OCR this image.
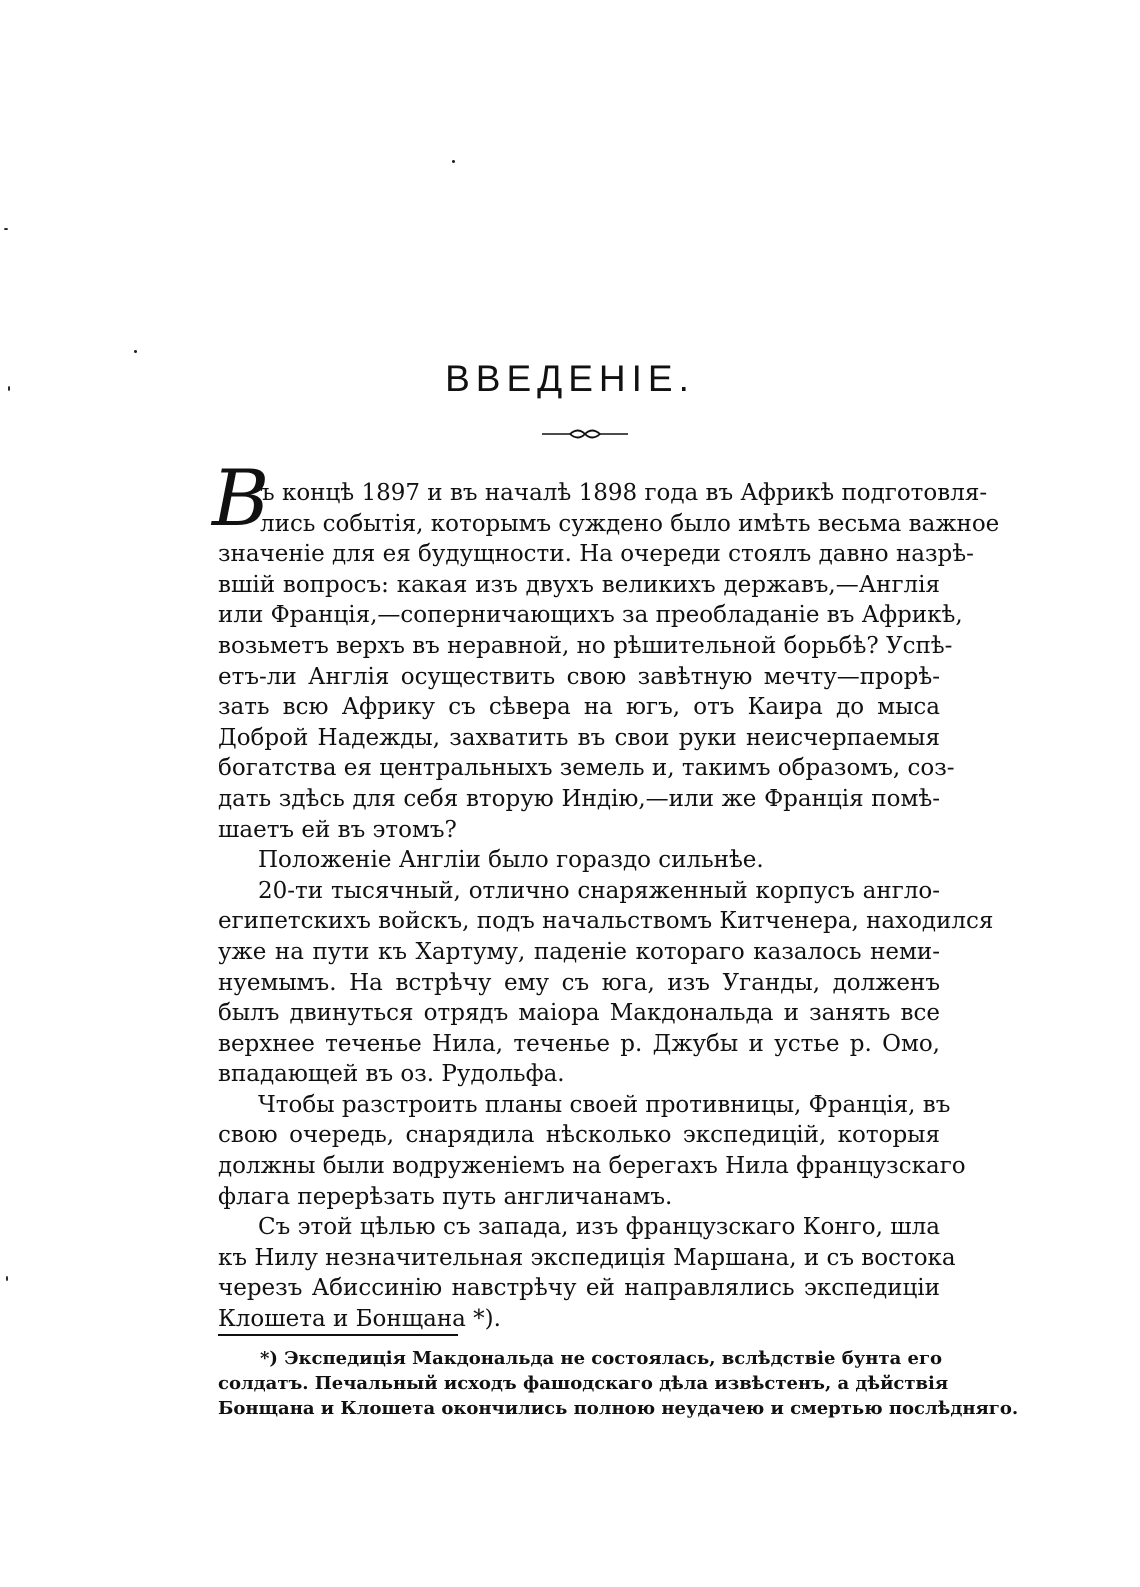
ВВЕДЕНІЕ.
В
ъ концѣ 1897 и въ началѣ 1898 года въ Африкѣ подготовля-
лись событія, которымъ суждено было имѣть весьма важное
значеніе для ея будущности. На очереди стоялъ давно назрѣ-
вшій вопросъ: какая изъ двухъ великихъ державъ,—Англія
или Франція,—соперничающихъ за преобладаніе въ Африкѣ,
возьметъ верхъ въ неравной, но рѣшительной борьбѣ? Успѣ-
етъ-ли Англія осуществить свою завѣтную мечту—прорѣ-
зать всю Африку съ сѣвера на югъ, отъ Каира до мыса
Доброй Надежды, захватить въ свои руки неисчерпаемыя
богатства ея центральныхъ земель и, такимъ образомъ, соз-
дать здѣсь для себя вторую Индію,—или же Франція помѣ-
шаетъ ей въ этомъ?
Положеніе Англіи было гораздо сильнѣе.
20-ти тысячный, отлично снаряженный корпусъ англо-
египетскихъ войскъ, подъ начальствомъ Китченера, находился
уже на пути къ Хартуму, паденіе котораго казалось неми-
нуемымъ. На встрѣчу ему съ юга, изъ Уганды, долженъ
былъ двинуться отрядъ маіора Макдональда и занять все
верхнее теченье Нила, теченье р. Джубы и устье р. Омо,
впадающей въ оз. Рудольфа.
Чтобы разстроить планы своей противницы, Франція, въ
свою очередь, снарядила нѣсколько экспедицій, которыя
должны были водруженіемъ на берегахъ Нила французскаго
флага перерѣзать путь англичанамъ.
Съ этой цѣлью съ запада, изъ французскаго Конго, шла
къ Нилу незначительная экспедиція Маршана, и съ востока
черезъ Абиссинію навстрѣчу ей направлялись экспедиціи
Клошета и Бонщана *).
*) Экспедиція Макдональда не состоялась, вслѣдствіе бунта его
солдатъ. Печальный исходъ фашодскаго дѣла извѣстенъ, а дѣйствія
Бонщана и Клошета окончились полною неудачею и смертью послѣдняго.
